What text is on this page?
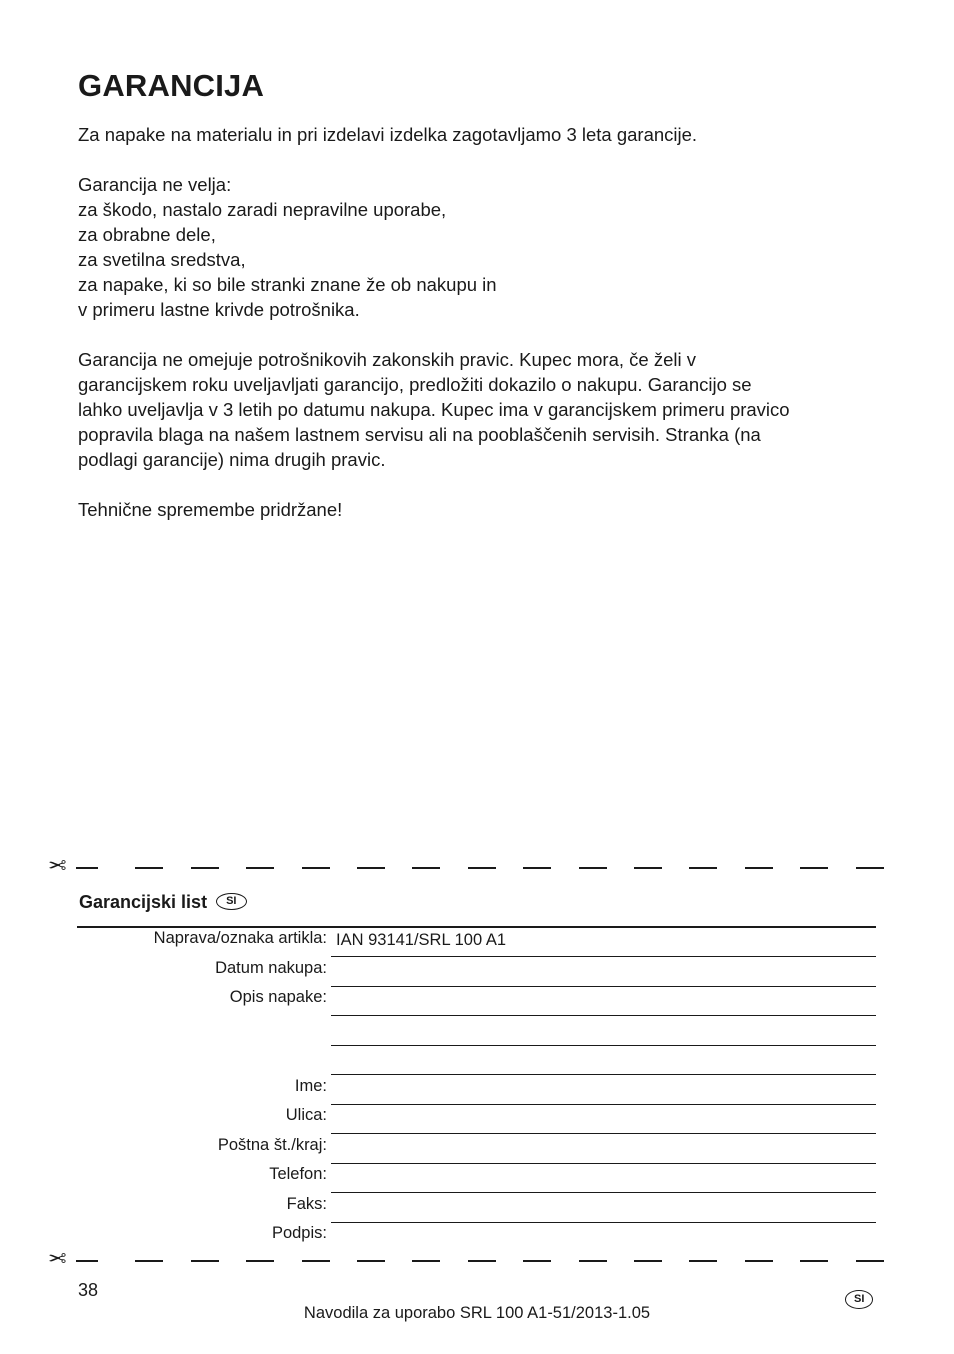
GARANCIJA

Za napake na materialu in pri izdelavi izdelka zagotavljamo 3 leta garancije.

Garancija ne velja:
za škodo, nastalo zaradi nepravilne uporabe,
za obrabne dele,
za svetilna sredstva,
za napake, ki so bile stranki znane že ob nakupu in
v primeru lastne krivde potrošnika.

Garancija ne omejuje potrošnikovih zakonskih pravic. Kupec mora, če želi v
garancijskem roku uveljavljati garancijo, predložiti dokazilo o nakupu. Garancijo se
lahko uveljavlja v 3 letih po datumu nakupa. Kupec ima v garancijskem primeru pravico
popravila blaga na našem lastnem servisu ali na pooblaščenih servisih. Stranka (na
podlagi garancije) nima drugih pravic.

Tehnične spremembe pridržane!

✂
Garancijski list SI
Naprava/oznaka artikla: IAN 93141/SRL 100 A1
Datum nakupa:
Opis napake:
Ime:
Ulica:
Poštna št./kraj:
Telefon:
Faks:
Podpis:
✂
38
Navodila za uporabo SRL 100 A1-51/2013-1.05
SI
